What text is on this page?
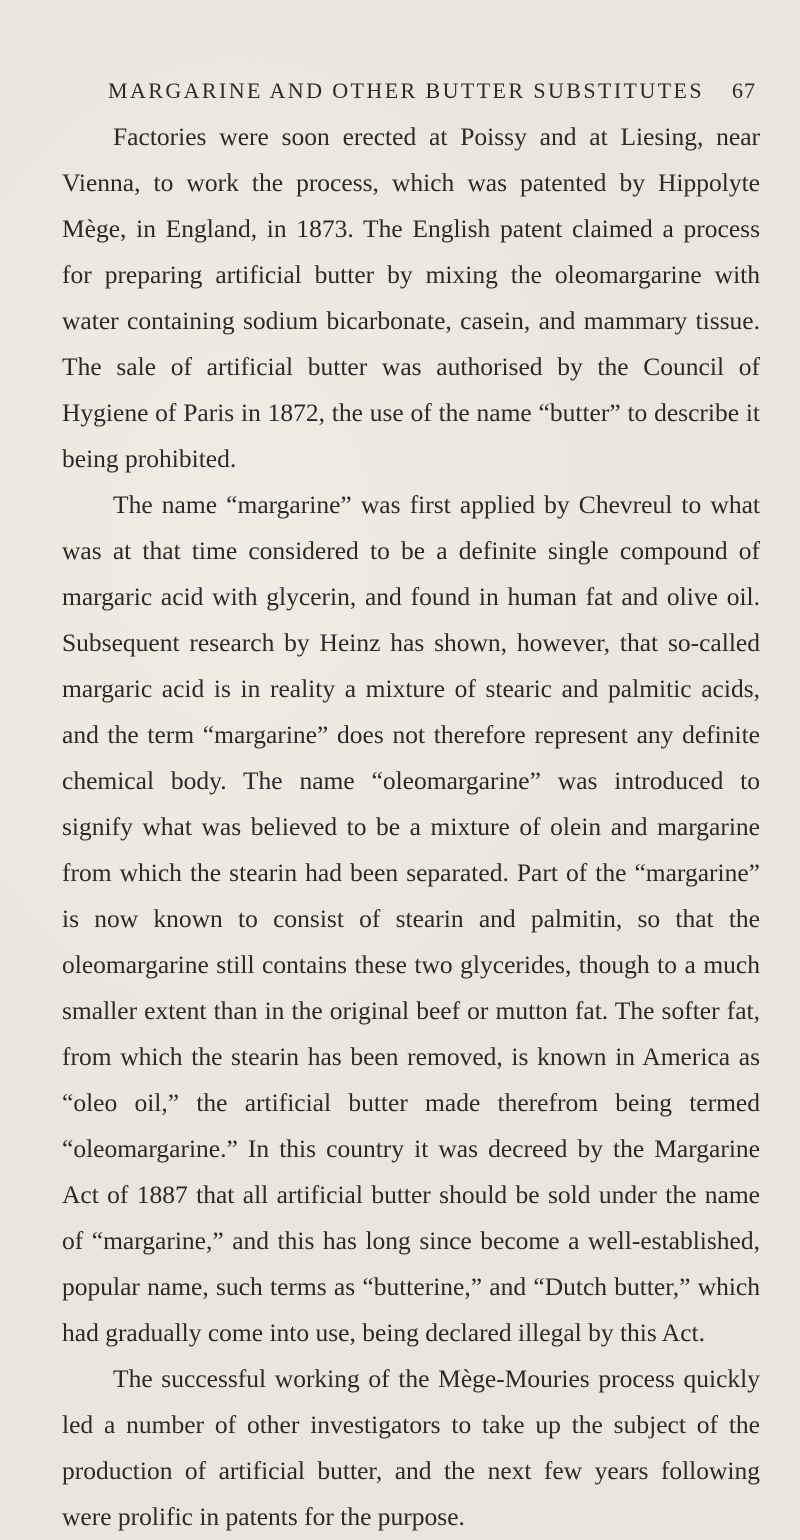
MARGARINE AND OTHER BUTTER SUBSTITUTES 67

Factories were soon erected at Poissy and at Liesing, near Vienna, to work the process, which was patented by Hippolyte Mège, in England, in 1873. The English patent claimed a process for preparing artificial butter by mixing the oleomargarine with water containing sodium bicarbonate, casein, and mammary tissue. The sale of artificial butter was authorised by the Council of Hygiene of Paris in 1872, the use of the name “butter” to describe it being prohibited.

The name “margarine” was first applied by Chevreul to what was at that time considered to be a definite single compound of margaric acid with glycerin, and found in human fat and olive oil. Subsequent research by Heinz has shown, however, that so-called margaric acid is in reality a mixture of stearic and palmitic acids, and the term “margarine” does not therefore represent any definite chemical body. The name “oleomargarine” was introduced to signify what was believed to be a mixture of olein and margarine from which the stearin had been separated. Part of the “margarine” is now known to consist of stearin and palmitin, so that the oleomargarine still contains these two glycerides, though to a much smaller extent than in the original beef or mutton fat. The softer fat, from which the stearin has been removed, is known in America as “oleo oil,” the artificial butter made therefrom being termed “oleomargarine.” In this country it was decreed by the Margarine Act of 1887 that all artificial butter should be sold under the name of “margarine,” and this has long since become a well-established, popular name, such terms as “butterine,” and “Dutch butter,” which had gradually come into use, being declared illegal by this Act.

The successful working of the Mège-Mouries process quickly led a number of other investigators to take up the subject of the production of artificial butter, and the next few years following were prolific in patents for the purpose.
